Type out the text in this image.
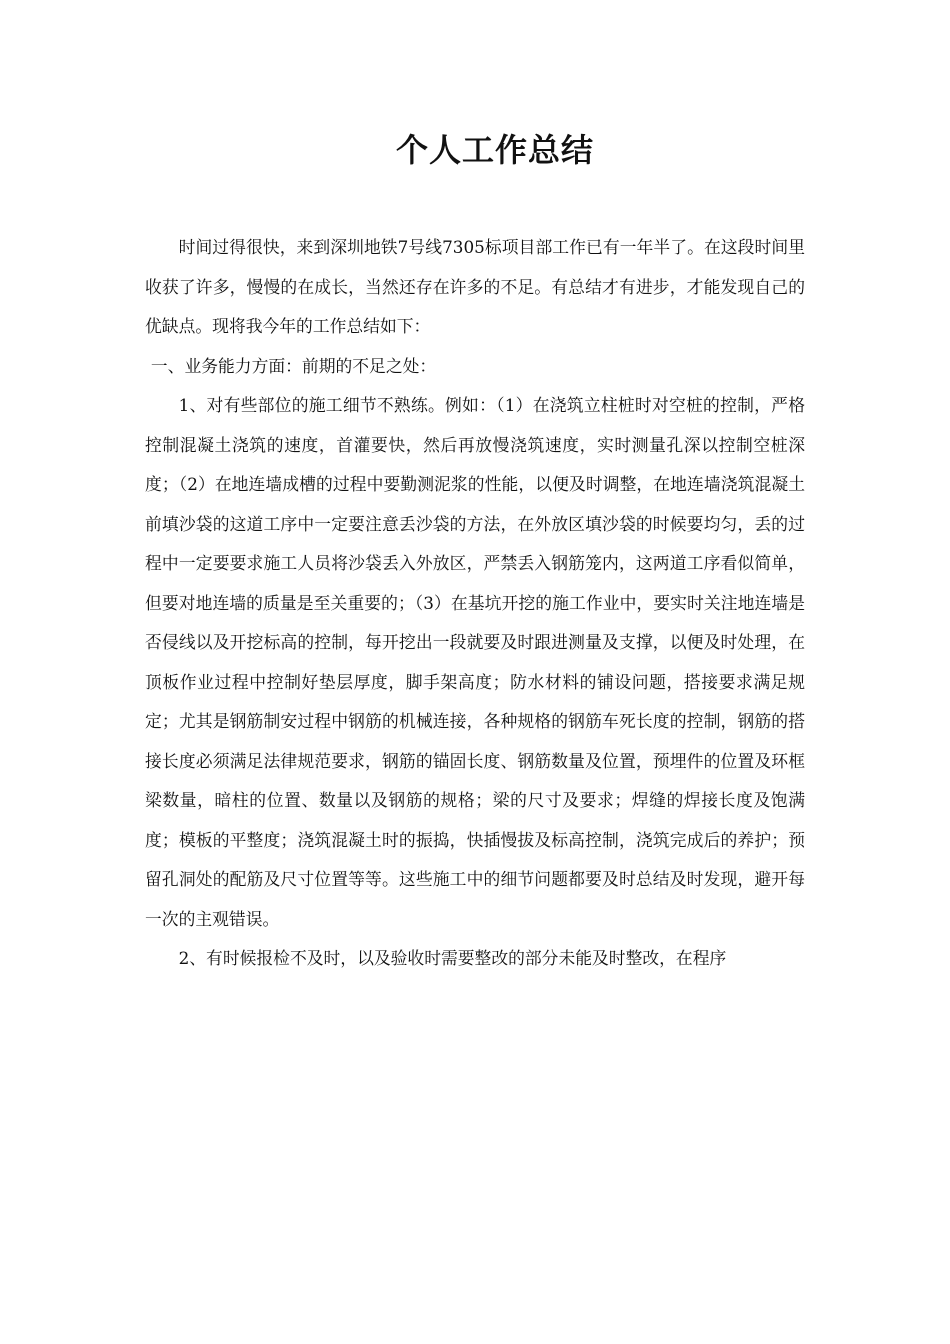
个人工作总结

时间过得很快，来到深圳地铁7号线7305标项目部工作已有一年半了。在这段时间里收获了许多，慢慢的在成长，当然还存在许多的不足。有总结才有进步，才能发现自己的优缺点。现将我今年的工作总结如下：

一、业务能力方面：前期的不足之处：

1、对有些部位的施工细节不熟练。例如：（1）在浇筑立柱桩时对空桩的控制，严格控制混凝土浇筑的速度，首灌要快，然后再放慢浇筑速度，实时测量孔深以控制空桩深度；（2）在地连墙成槽的过程中要勤测泥浆的性能，以便及时调整，在地连墙浇筑混凝土前填沙袋的这道工序中一定要注意丢沙袋的方法，在外放区填沙袋的时候要均匀，丢的过程中一定要要求施工人员将沙袋丢入外放区，严禁丢入钢筋笼内，这两道工序看似简单，但要对地连墙的质量是至关重要的；（3）在基坑开挖的施工作业中，要实时关注地连墙是否侵线以及开挖标高的控制，每开挖出一段就要及时跟进测量及支撑，以便及时处理，在顶板作业过程中控制好垫层厚度，脚手架高度；防水材料的铺设问题，搭接要求满足规定；尤其是钢筋制安过程中钢筋的机械连接，各种规格的钢筋车死长度的控制，钢筋的搭接长度必须满足法律规范要求，钢筋的锚固长度、钢筋数量及位置，预埋件的位置及环框梁数量，暗柱的位置、数量以及钢筋的规格；梁的尺寸及要求；焊缝的焊接长度及饱满度；模板的平整度；浇筑混凝土时的振捣，快插慢拔及标高控制，浇筑完成后的养护；预留孔洞处的配筋及尺寸位置等等。这些施工中的细节问题都要及时总结及时发现，避开每一次的主观错误。

2、有时候报检不及时，以及验收时需要整改的部分未能及时整改，在程序
